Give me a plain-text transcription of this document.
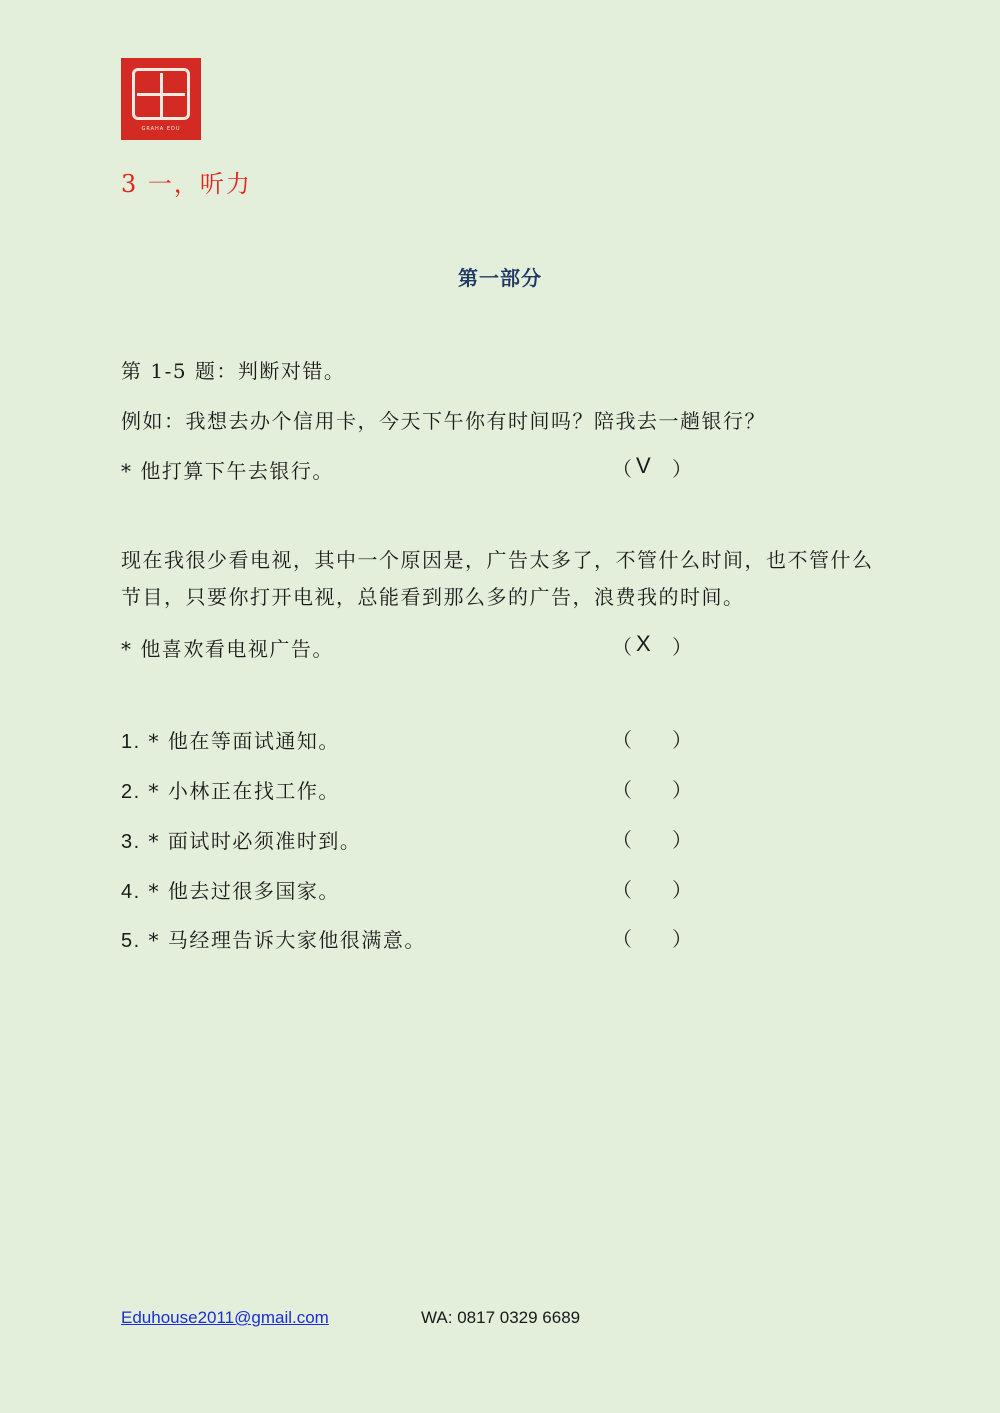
GRAHA EDU
3 一，听力
第一部分
第 1-5 题：判断对错。
例如：我想去办个信用卡，今天下午你有时间吗？陪我去一趟银行？
* 他打算下午去银行。	（ V ）
现在我很少看电视，其中一个原因是，广告太多了，不管什么时间，也不管什么节目，只要你打开电视，总能看到那么多的广告，浪费我的时间。
* 他喜欢看电视广告。	（ X ）
1. * 他在等面试通知。	（ ）
2. * 小林正在找工作。	（ ）
3. * 面试时必须准时到。	（ ）
4. * 他去过很多国家。	（ ）
5. * 马经理告诉大家他很满意。	（ ）
Eduhouse2011@gmail.com	WA: 0817 0329 6689
